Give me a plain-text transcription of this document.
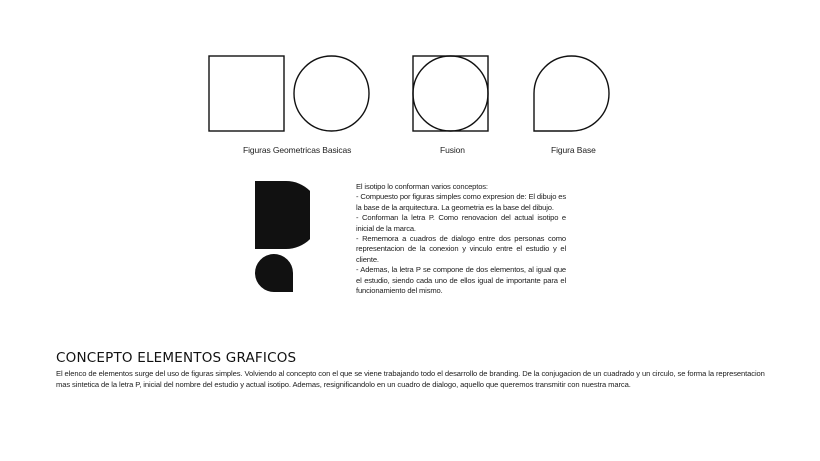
Figuras Geometricas Basicas	Fusion	Figura Base

El isotipo lo conforman varios conceptos:

- Compuesto por figuras simples como expresion de: El dibujo es la base de la arquitectura. La geometria es la base del dibujo.

- Conforman la letra P. Como renovacion del actual isotipo e inicial de la marca.

- Rememora a cuadros de dialogo entre dos personas como representacion de la conexion y vinculo entre el estudio y el cliente.

- Ademas, la letra P se compone de dos elementos, al igual que el estudio, siendo cada uno de ellos igual de importante para el funcionamiento del mismo.

CONCEPTO ELEMENTOS GRAFICOS

El elenco de elementos surge del uso de figuras simples. Volviendo al concepto con el que se viene trabajando todo el desarrollo de branding. De la conjugacion de un cuadrado y un circulo, se forma la representacion

mas sintetica de la letra P, inicial del nombre del estudio y actual isotipo. Ademas, resignificandolo en un cuadro de dialogo, aquello que queremos transmitir con nuestra marca.
